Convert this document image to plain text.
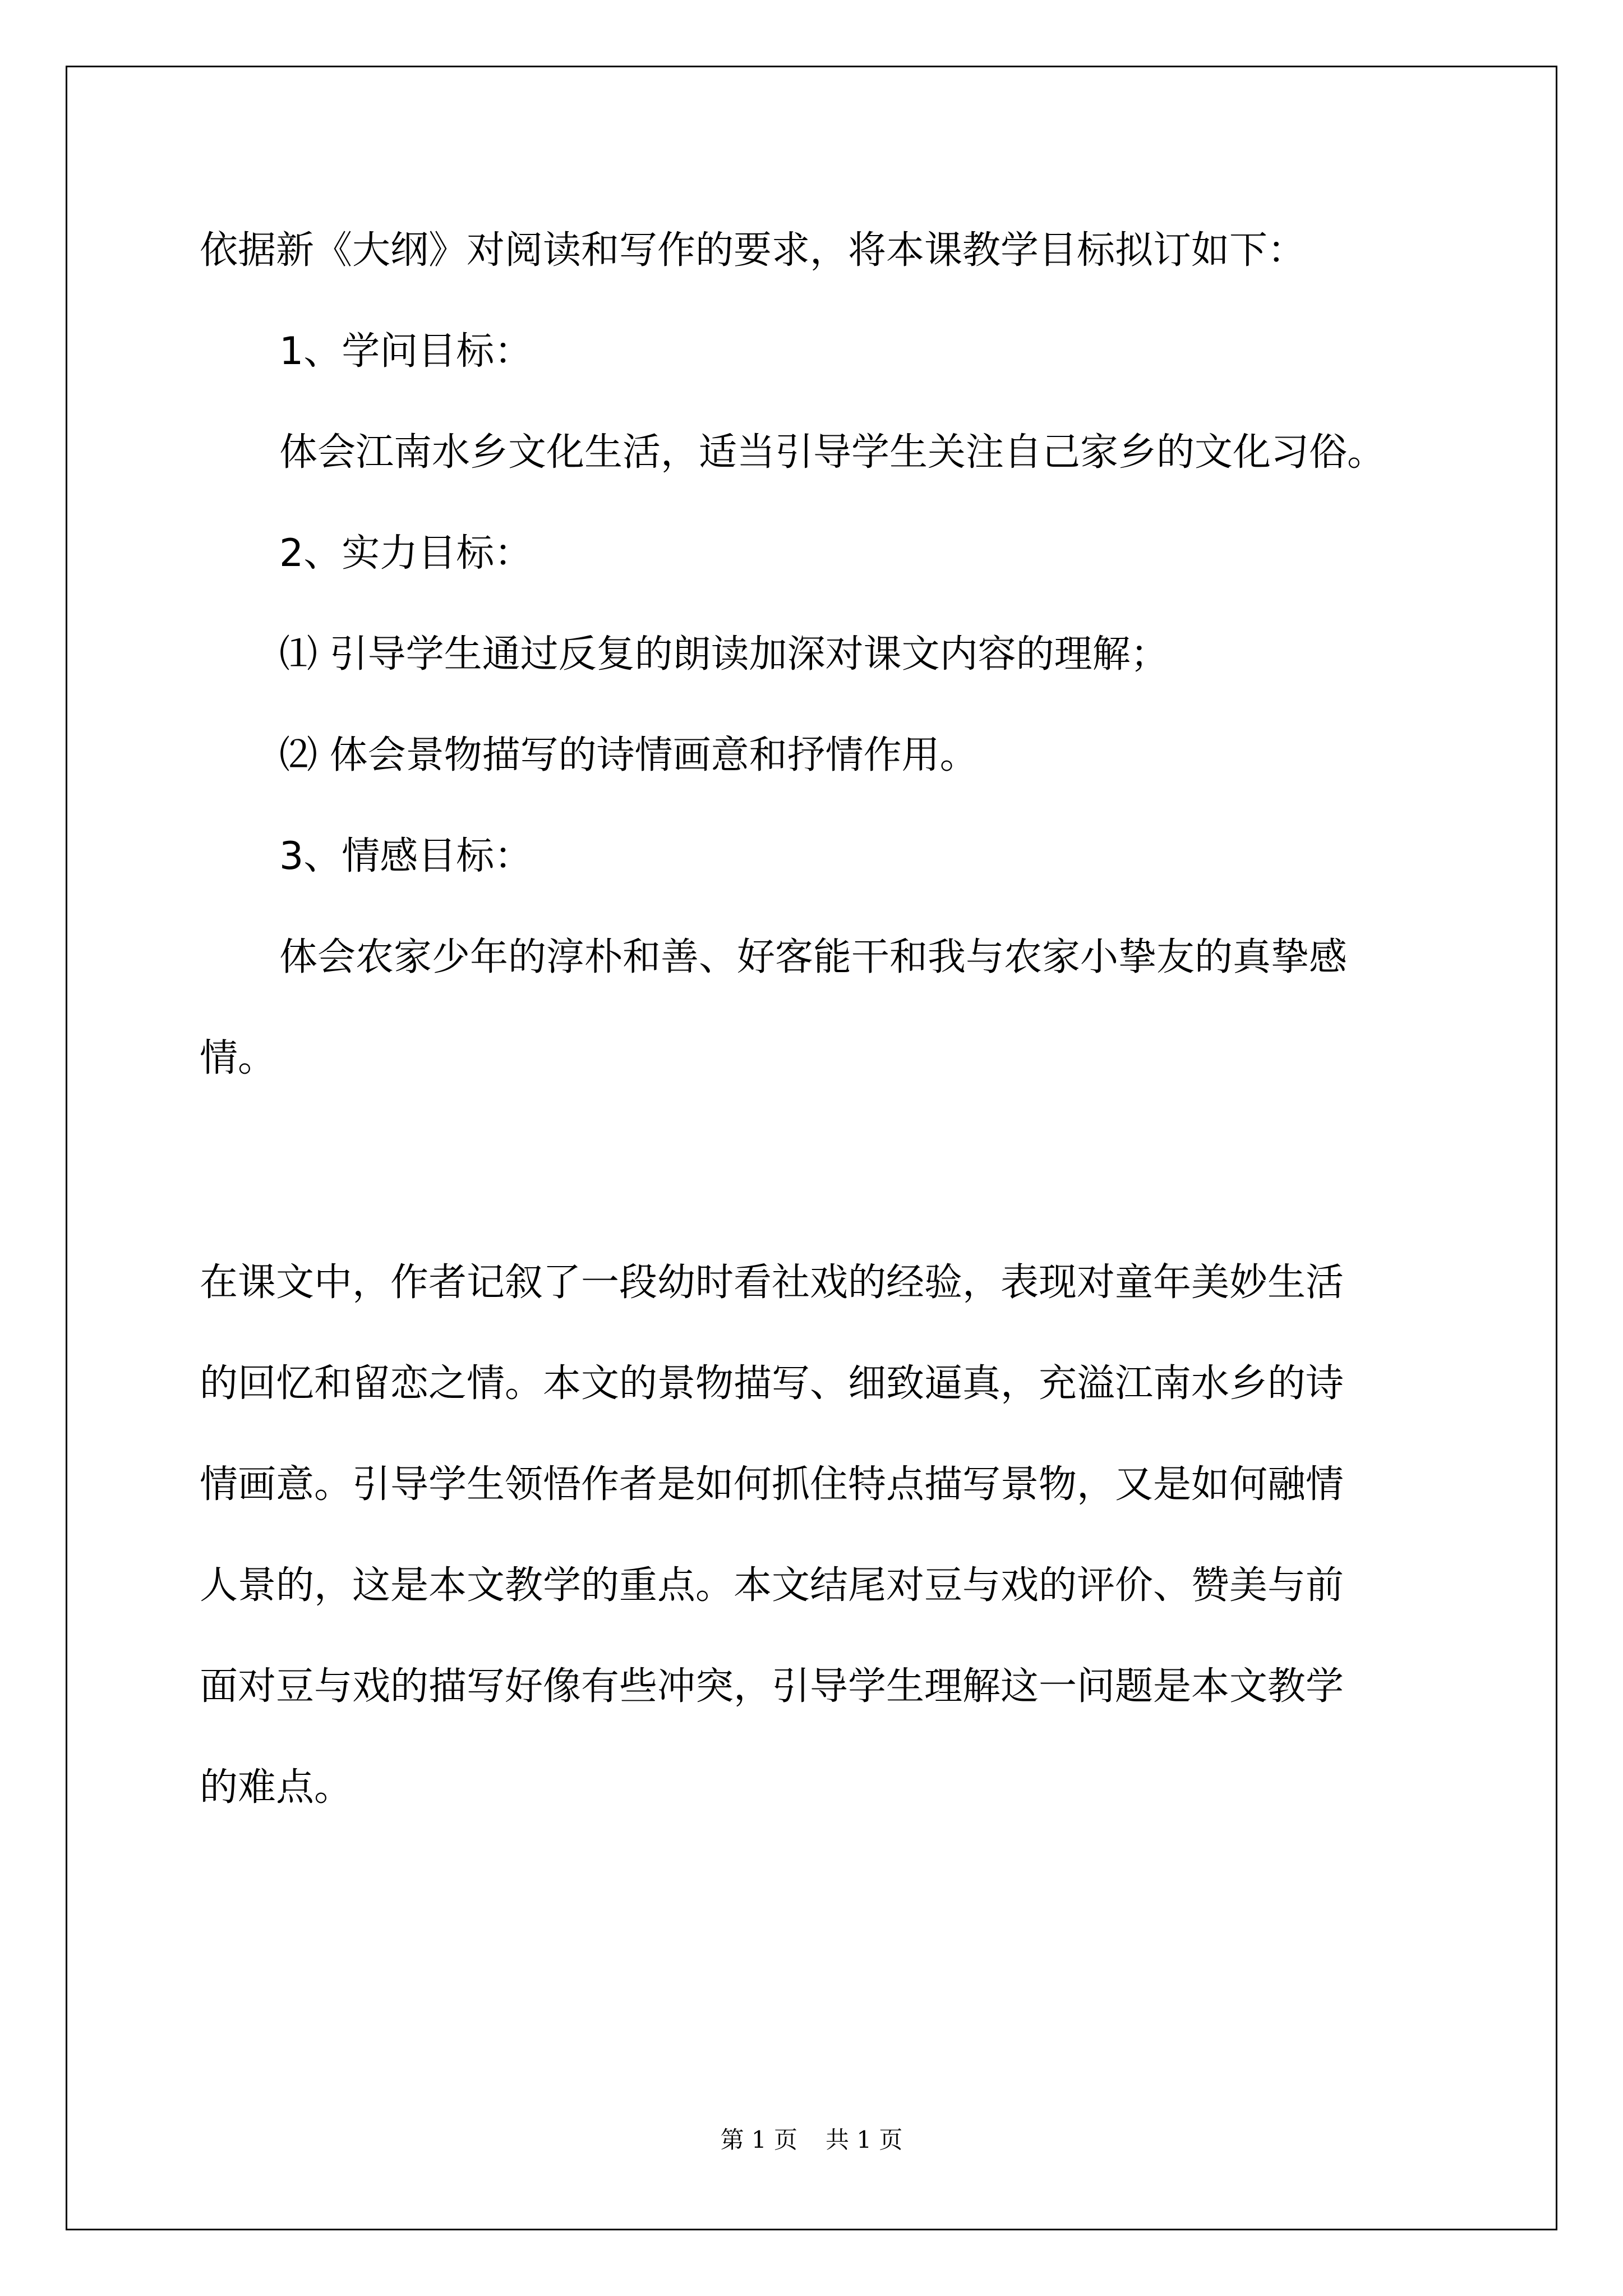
依据新《大纲》对阅读和写作的要求，将本课教学目标拟订如下：

1、学问目标：

体会江南水乡文化生活，适当引导学生关注自己家乡的文化习俗。

2、实力目标：

⑴ 引导学生通过反复的朗读加深对课文内容的理解；

⑵ 体会景物描写的诗情画意和抒情作用。

3、情感目标：

体会农家少年的淳朴和善、好客能干和我与农家小挚友的真挚感

情。

在课文中，作者记叙了一段幼时看社戏的经验，表现对童年美妙生活

的回忆和留恋之情。本文的景物描写、细致逼真，充溢江南水乡的诗

情画意。引导学生领悟作者是如何抓住特点描写景物，又是如何融情

人景的，这是本文教学的重点。本文结尾对豆与戏的评价、赞美与前

面对豆与戏的描写好像有些冲突，引导学生理解这一问题是本文教学

的难点。

第 1 页 共 1 页
